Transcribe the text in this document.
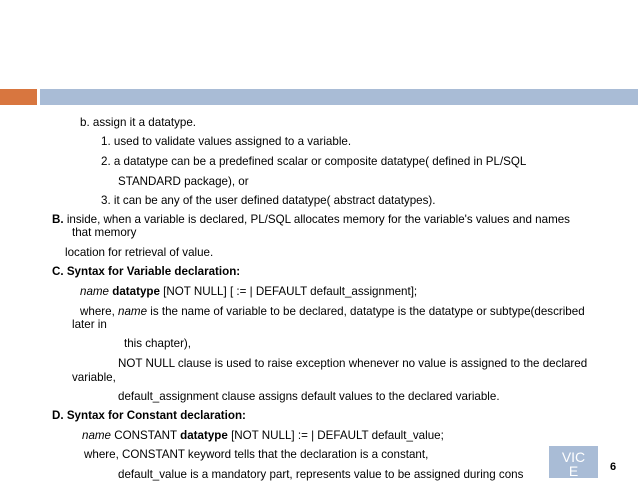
b. assign it a datatype.
1. used to validate values assigned to a variable.
2. a datatype can be a predefined scalar or composite datatype( defined in PL/SQL
STANDARD package), or
3. it can be any of the user defined datatype( abstract datatypes).
B. inside, when a variable is declared, PL/SQL allocates memory for the variable's values and names
that memory
location for retrieval of value.
C. Syntax for Variable declaration:
name datatype [NOT NULL] [ := | DEFAULT default_assignment];
where, name is the name of variable to be declared, datatype is the datatype or subtype(described
later in
this chapter),
NOT NULL clause is used to raise exception whenever no value is assigned to the declared
variable,
default_assignment clause assigns default values to the declared variable.
D. Syntax for Constant declaration:
name CONSTANT datatype [NOT NULL] := | DEFAULT default_value;
where, CONSTANT keyword tells that the declaration is a constant,
default_value is a mandatory part, represents value to be assigned during cons
VIC
E	6
